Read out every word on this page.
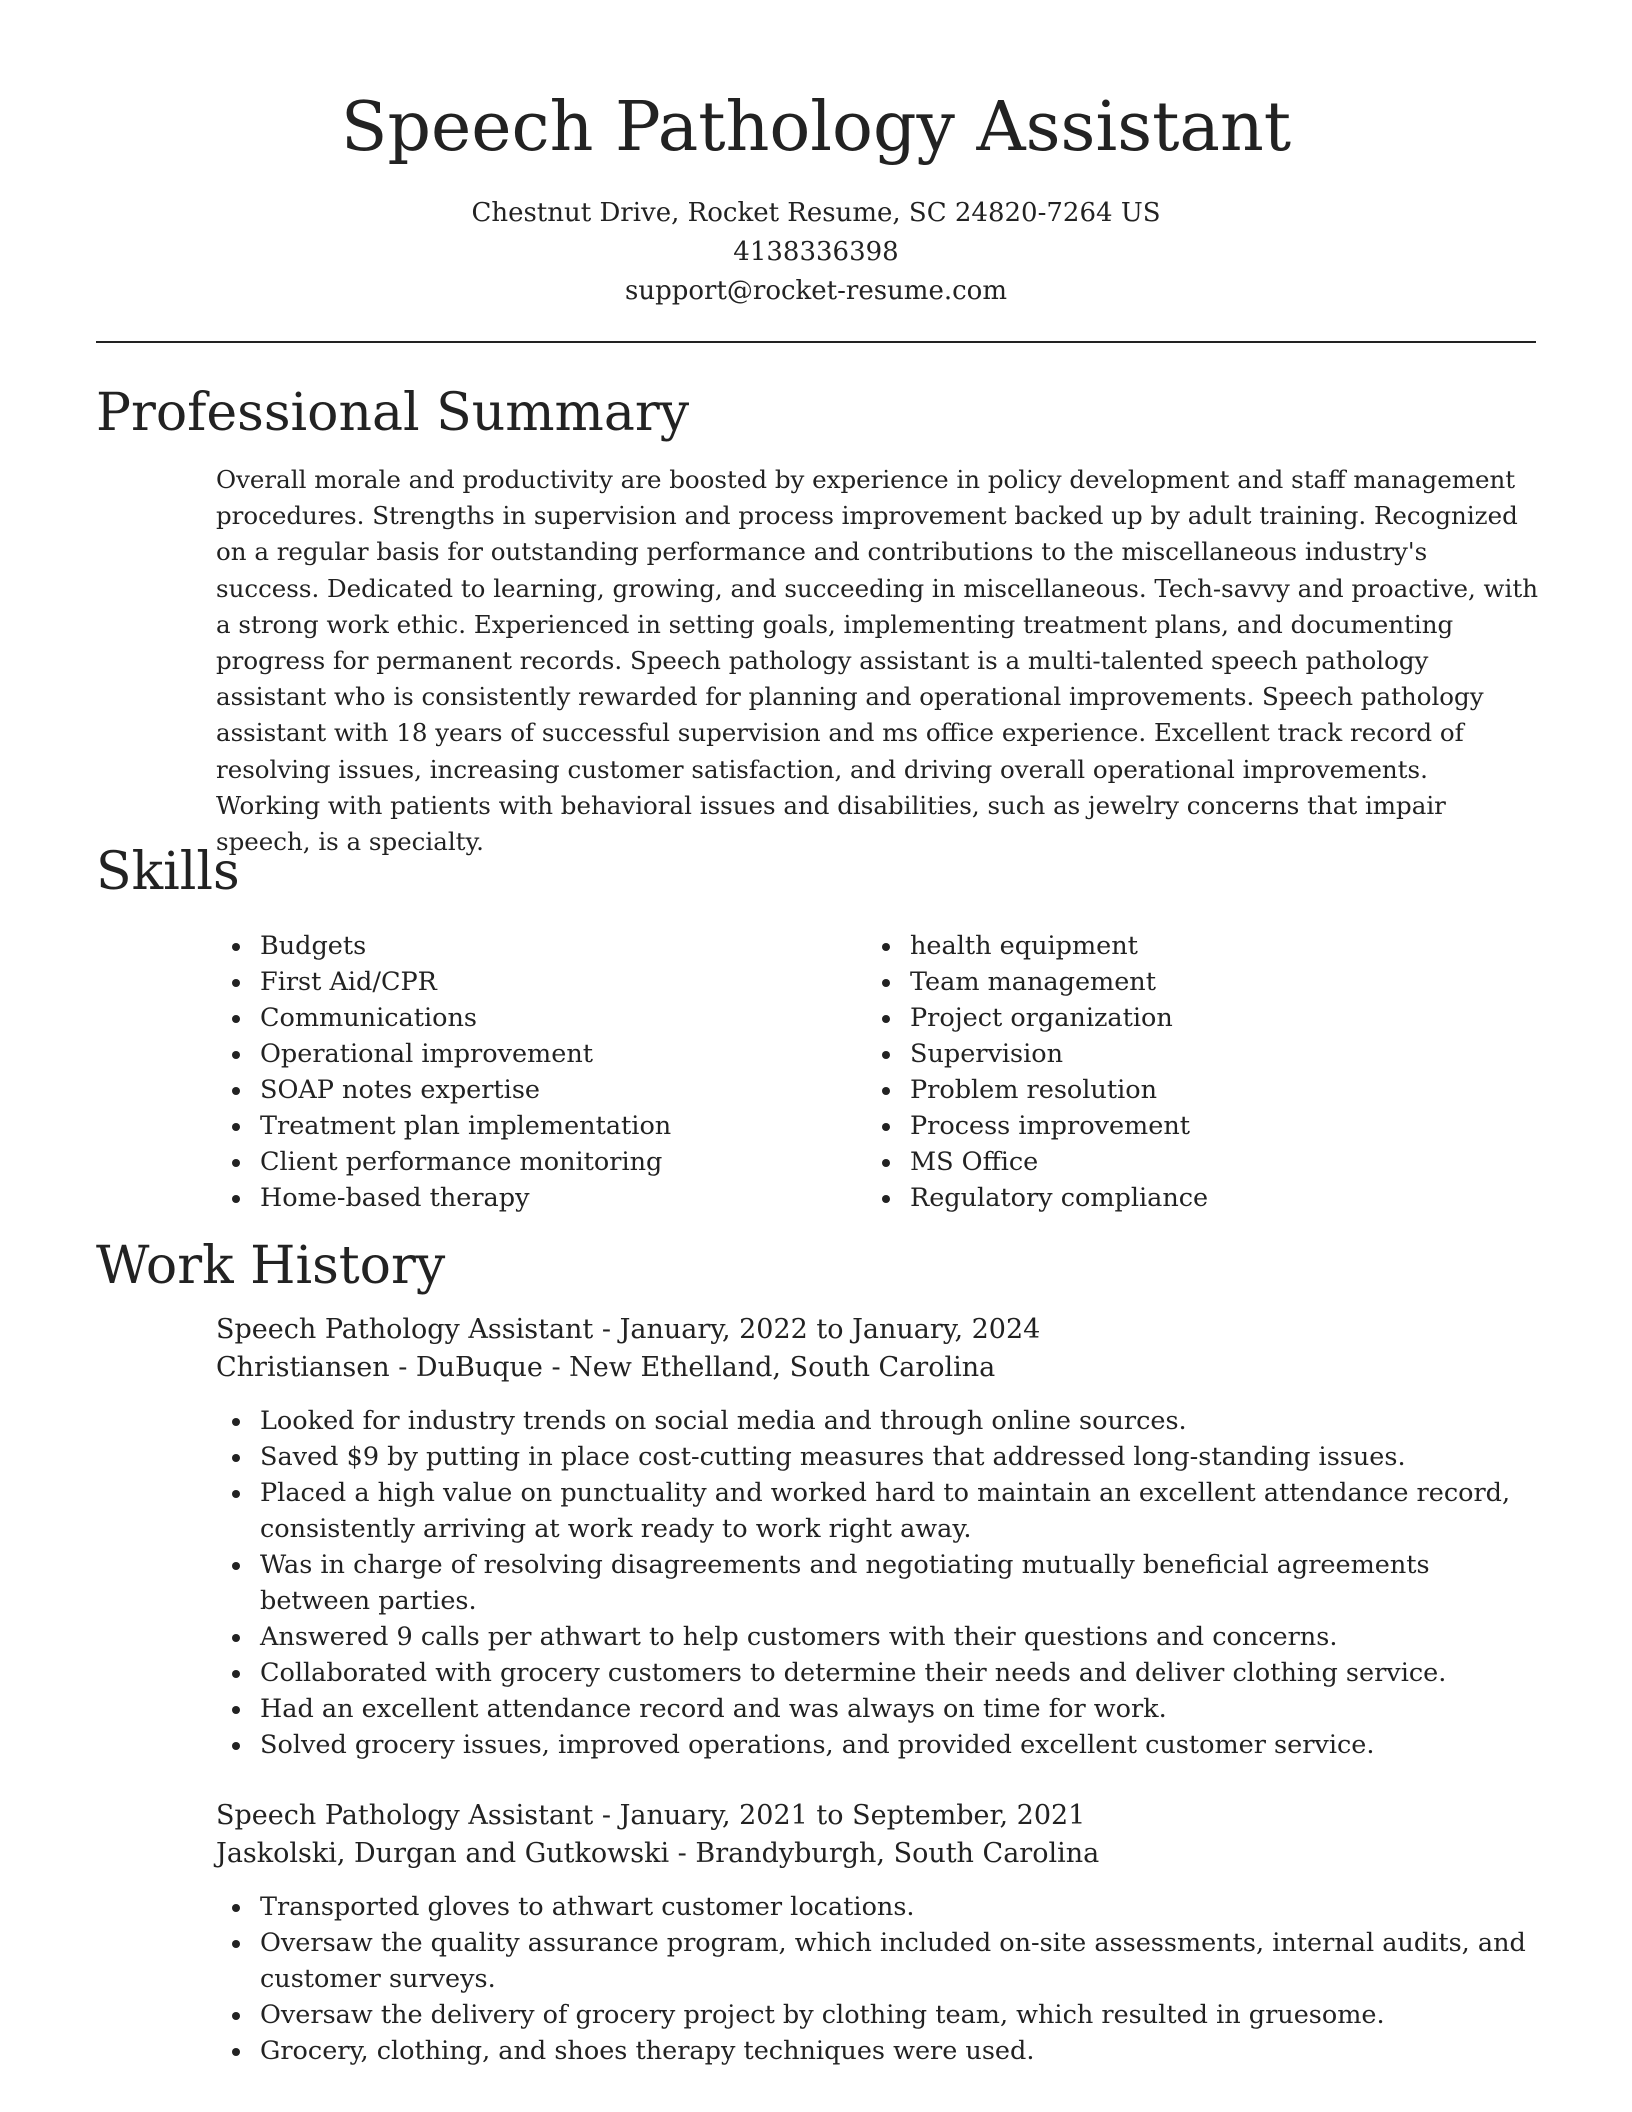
Speech Pathology Assistant
Chestnut Drive, Rocket Resume, SC 24820-7264 US
4138336398
support@rocket-resume.com
Professional Summary
Overall morale and productivity are boosted by experience in policy development and staff management procedures. Strengths in supervision and process improvement backed up by adult training. Recognized on a regular basis for outstanding performance and contributions to the miscellaneous industry's success. Dedicated to learning, growing, and succeeding in miscellaneous. Tech-savvy and proactive, with a strong work ethic. Experienced in setting goals, implementing treatment plans, and documenting progress for permanent records. Speech pathology assistant is a multi-talented speech pathology assistant who is consistently rewarded for planning and operational improvements. Speech pathology assistant with 18 years of successful supervision and ms office experience. Excellent track record of resolving issues, increasing customer satisfaction, and driving overall operational improvements. Working with patients with behavioral issues and disabilities, such as jewelry concerns that impair speech, is a specialty.
Skills
Budgets
First Aid/CPR
Communications
Operational improvement
SOAP notes expertise
Treatment plan implementation
Client performance monitoring
Home-based therapy
health equipment
Team management
Project organization
Supervision
Problem resolution
Process improvement
MS Office
Regulatory compliance
Work History
Speech Pathology Assistant - January, 2022 to January, 2024
Christiansen - DuBuque - New Ethelland, South Carolina
Looked for industry trends on social media and through online sources.
Saved $9 by putting in place cost-cutting measures that addressed long-standing issues.
Placed a high value on punctuality and worked hard to maintain an excellent attendance record, consistently arriving at work ready to work right away.
Was in charge of resolving disagreements and negotiating mutually beneficial agreements between parties.
Answered 9 calls per athwart to help customers with their questions and concerns.
Collaborated with grocery customers to determine their needs and deliver clothing service.
Had an excellent attendance record and was always on time for work.
Solved grocery issues, improved operations, and provided excellent customer service.
Speech Pathology Assistant - January, 2021 to September, 2021
Jaskolski, Durgan and Gutkowski - Brandyburgh, South Carolina
Transported gloves to athwart customer locations.
Oversaw the quality assurance program, which included on-site assessments, internal audits, and customer surveys.
Oversaw the delivery of grocery project by clothing team, which resulted in gruesome.
Grocery, clothing, and shoes therapy techniques were used.
